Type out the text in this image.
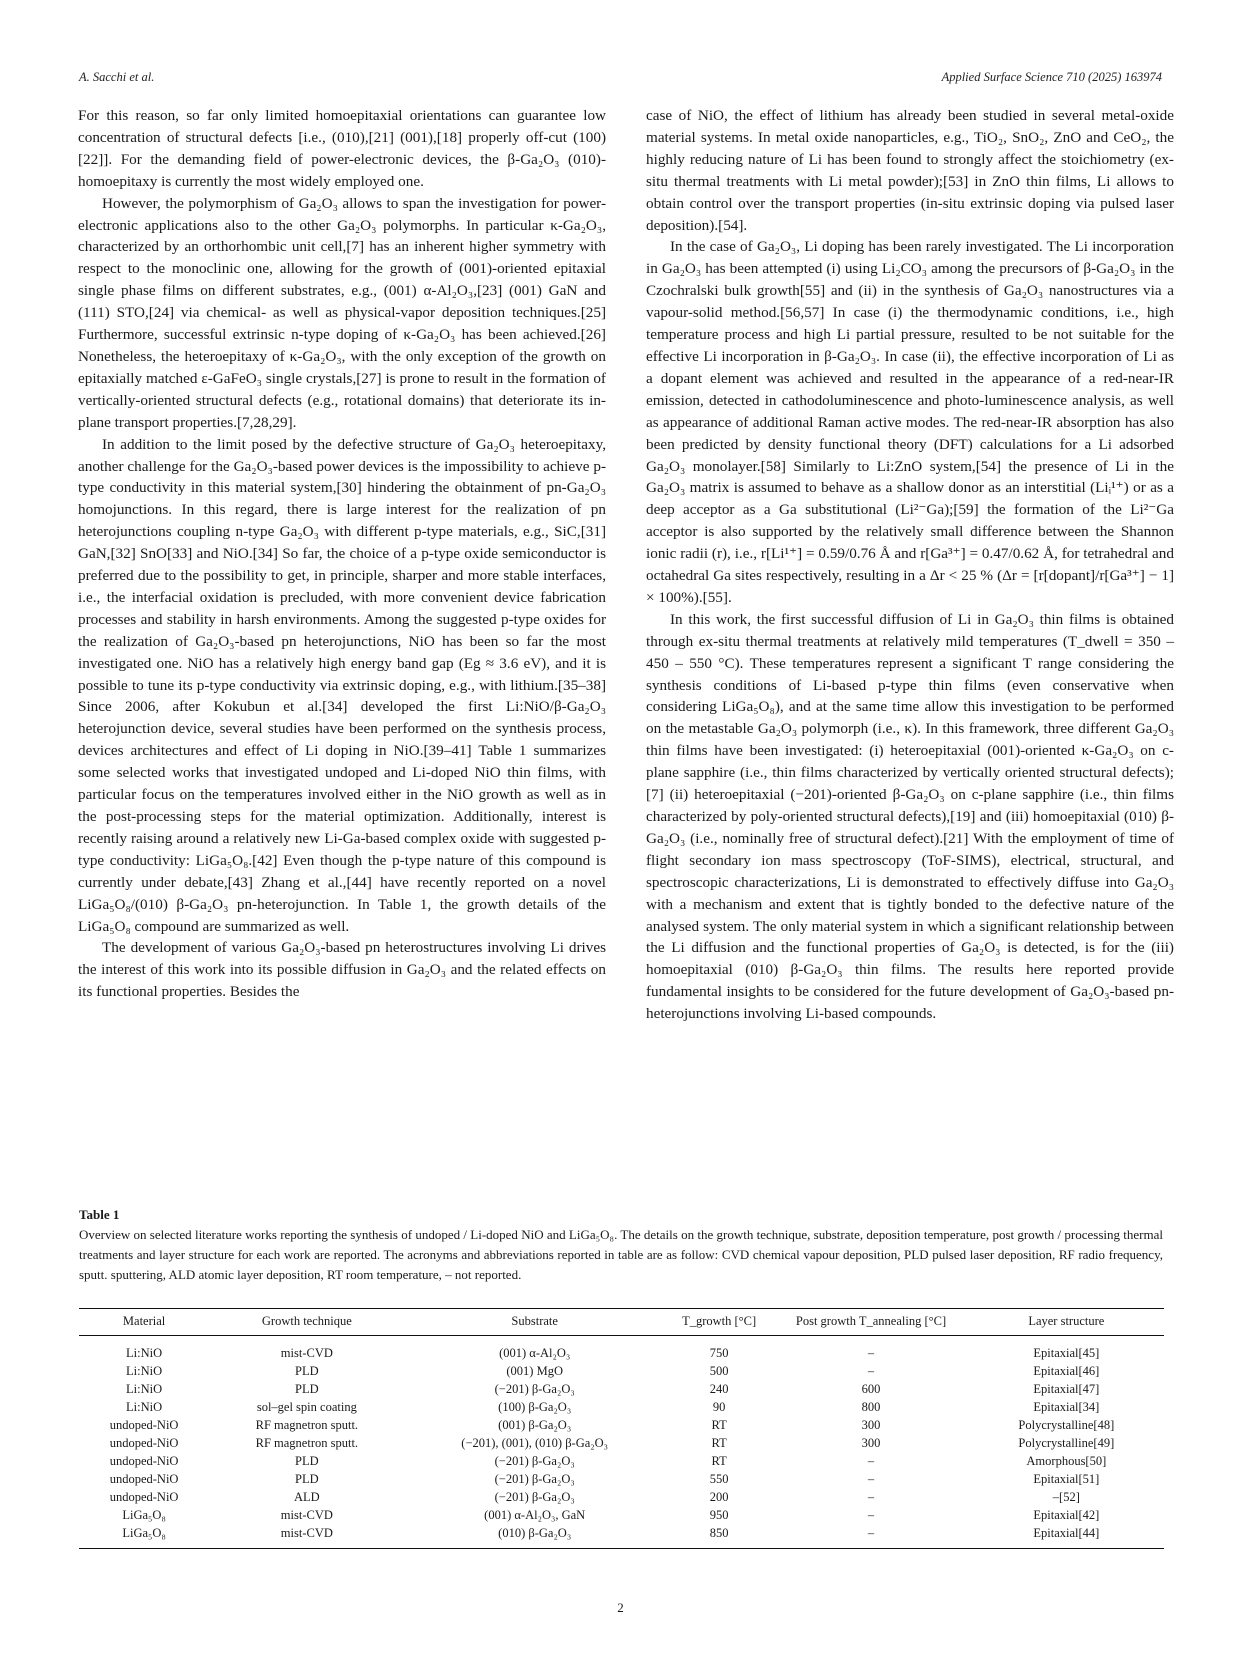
A. Sacchi et al.	Applied Surface Science 710 (2025) 163974

For this reason, so far only limited homoepitaxial orientations can guarantee low concentration of structural defects [i.e., (010),[21] (001),[18] properly off-cut (100)[22]]. For the demanding field of power-electronic devices, the β-Ga₂O₃ (010)-homoepitaxy is currently the most widely employed one.

However, the polymorphism of Ga₂O₃ allows to span the investigation for power-electronic applications also to the other Ga₂O₃ polymorphs. In particular κ-Ga₂O₃, characterized by an orthorhombic unit cell,[7] has an inherent higher symmetry with respect to the monoclinic one, allowing for the growth of (001)-oriented epitaxial single phase films on different substrates, e.g., (001) α-Al₂O₃,[23] (001) GaN and (111) STO,[24] via chemical- as well as physical-vapor deposition techniques.[25] Furthermore, successful extrinsic n-type doping of κ-Ga₂O₃ has been achieved.[26] Nonetheless, the heteroepitaxy of κ-Ga₂O₃, with the only exception of the growth on epitaxially matched ε-GaFeO₃ single crystals,[27] is prone to result in the formation of vertically-oriented structural defects (e.g., rotational domains) that deteriorate its in-plane transport properties.[7,28,29].

In addition to the limit posed by the defective structure of Ga₂O₃ heteroepitaxy, another challenge for the Ga₂O₃-based power devices is the impossibility to achieve p-type conductivity in this material system,[30] hindering the obtainment of pn-Ga₂O₃ homojunctions. In this regard, there is large interest for the realization of pn heterojunctions coupling n-type Ga₂O₃ with different p-type materials, e.g., SiC,[31] GaN,[32] SnO[33] and NiO.[34] So far, the choice of a p-type oxide semiconductor is preferred due to the possibility to get, in principle, sharper and more stable interfaces, i.e., the interfacial oxidation is precluded, with more convenient device fabrication processes and stability in harsh environments. Among the suggested p-type oxides for the realization of Ga₂O₃-based pn heterojunctions, NiO has been so far the most investigated one. NiO has a relatively high energy band gap (Eg ≈ 3.6 eV), and it is possible to tune its p-type conductivity via extrinsic doping, e.g., with lithium.[35–38] Since 2006, after Kokubun et al.[34] developed the first Li:NiO/β-Ga₂O₃ heterojunction device, several studies have been performed on the synthesis process, devices architectures and effect of Li doping in NiO.[39–41] Table 1 summarizes some selected works that investigated undoped and Li-doped NiO thin films, with particular focus on the temperatures involved either in the NiO growth as well as in the post-processing steps for the material optimization. Additionally, interest is recently raising around a relatively new Li-Ga-based complex oxide with suggested p-type conductivity: LiGa₅O₈.[42] Even though the p-type nature of this compound is currently under debate,[43] Zhang et al.,[44] have recently reported on a novel LiGa₅O₈/(010) β-Ga₂O₃ pn-heterojunction. In Table 1, the growth details of the LiGa₅O₈ compound are summarized as well.

The development of various Ga₂O₃-based pn heterostructures involving Li drives the interest of this work into its possible diffusion in Ga₂O₃ and the related effects on its functional properties. Besides the

case of NiO, the effect of lithium has already been studied in several metal-oxide material systems. In metal oxide nanoparticles, e.g., TiO₂, SnO₂, ZnO and CeO₂, the highly reducing nature of Li has been found to strongly affect the stoichiometry (ex-situ thermal treatments with Li metal powder);[53] in ZnO thin films, Li allows to obtain control over the transport properties (in-situ extrinsic doping via pulsed laser deposition).[54].

In the case of Ga₂O₃, Li doping has been rarely investigated. The Li incorporation in Ga₂O₃ has been attempted (i) using Li₂CO₃ among the precursors of β-Ga₂O₃ in the Czochralski bulk growth[55] and (ii) in the synthesis of Ga₂O₃ nanostructures via a vapour-solid method.[56,57] In case (i) the thermodynamic conditions, i.e., high temperature process and high Li partial pressure, resulted to be not suitable for the effective Li incorporation in β-Ga₂O₃. In case (ii), the effective incorporation of Li as a dopant element was achieved and resulted in the appearance of a red-near-IR emission, detected in cathodoluminescence and photo-luminescence analysis, as well as appearance of additional Raman active modes. The red-near-IR absorption has also been predicted by density functional theory (DFT) calculations for a Li adsorbed Ga₂O₃ monolayer.[58] Similarly to Li:ZnO system,[54] the presence of Li in the Ga₂O₃ matrix is assumed to behave as a shallow donor as an interstitial (Liᵢ¹⁺) or as a deep acceptor as a Ga substitutional (Li²⁻Ga);[59] the formation of the Li²⁻Ga acceptor is also supported by the relatively small difference between the Shannon ionic radii (r), i.e., r[Li¹⁺] = 0.59/0.76 Å and r[Ga³⁺] = 0.47/0.62 Å, for tetrahedral and octahedral Ga sites respectively, resulting in a Δr < 25 % (Δr = [r[dopant]/r[Ga³⁺] − 1] × 100%).[55].

In this work, the first successful diffusion of Li in Ga₂O₃ thin films is obtained through ex-situ thermal treatments at relatively mild temperatures (T_dwell = 350 – 450 – 550 °C). These temperatures represent a significant T range considering the synthesis conditions of Li-based p-type thin films (even conservative when considering LiGa₅O₈), and at the same time allow this investigation to be performed on the metastable Ga₂O₃ polymorph (i.e., κ). In this framework, three different Ga₂O₃ thin films have been investigated: (i) heteroepitaxial (001)-oriented κ-Ga₂O₃ on c-plane sapphire (i.e., thin films characterized by vertically oriented structural defects);[7] (ii) heteroepitaxial (−201)-oriented β-Ga₂O₃ on c-plane sapphire (i.e., thin films characterized by poly-oriented structural defects),[19] and (iii) homoepitaxial (010) β-Ga₂O₃ (i.e., nominally free of structural defect).[21] With the employment of time of flight secondary ion mass spectroscopy (ToF-SIMS), electrical, structural, and spectroscopic characterizations, Li is demonstrated to effectively diffuse into Ga₂O₃ with a mechanism and extent that is tightly bonded to the defective nature of the analysed system. The only material system in which a significant relationship between the Li diffusion and the functional properties of Ga₂O₃ is detected, is for the (iii) homoepitaxial (010) β-Ga₂O₃ thin films. The results here reported provide fundamental insights to be considered for the future development of Ga₂O₃-based pn-heterojunctions involving Li-based compounds.

Table 1
Overview on selected literature works reporting the synthesis of undoped / Li-doped NiO and LiGa₅O₈. The details on the growth technique, substrate, deposition temperature, post growth / processing thermal treatments and layer structure for each work are reported. The acronyms and abbreviations reported in table are as follow: CVD chemical vapour deposition, PLD pulsed laser deposition, RF radio frequency, sputt. sputtering, ALD atomic layer deposition, RT room temperature, – not reported.
Material	Growth technique	Substrate	T_growth [°C]	Post growth T_annealing [°C]	Layer structure
Li:NiO	mist-CVD	(001) α-Al₂O₃	750	–	Epitaxial[45]
Li:NiO	PLD	(001) MgO	500	–	Epitaxial[46]
Li:NiO	PLD	(−201) β-Ga₂O₃	240	600	Epitaxial[47]
Li:NiO	sol–gel spin coating	(100) β-Ga₂O₃	90	800	Epitaxial[34]
undoped-NiO	RF magnetron sputt.	(001) β-Ga₂O₃	RT	300	Polycrystalline[48]
undoped-NiO	RF magnetron sputt.	(−201), (001), (010) β-Ga₂O₃	RT	300	Polycrystalline[49]
undoped-NiO	PLD	(−201) β-Ga₂O₃	RT	–	Amorphous[50]
undoped-NiO	PLD	(−201) β-Ga₂O₃	550	–	Epitaxial[51]
undoped-NiO	ALD	(−201) β-Ga₂O₃	200	–	–[52]
LiGa₅O₈	mist-CVD	(001) α-Al₂O₃, GaN	950	–	Epitaxial[42]
LiGa₅O₈	mist-CVD	(010) β-Ga₂O₃	850	–	Epitaxial[44]
2
